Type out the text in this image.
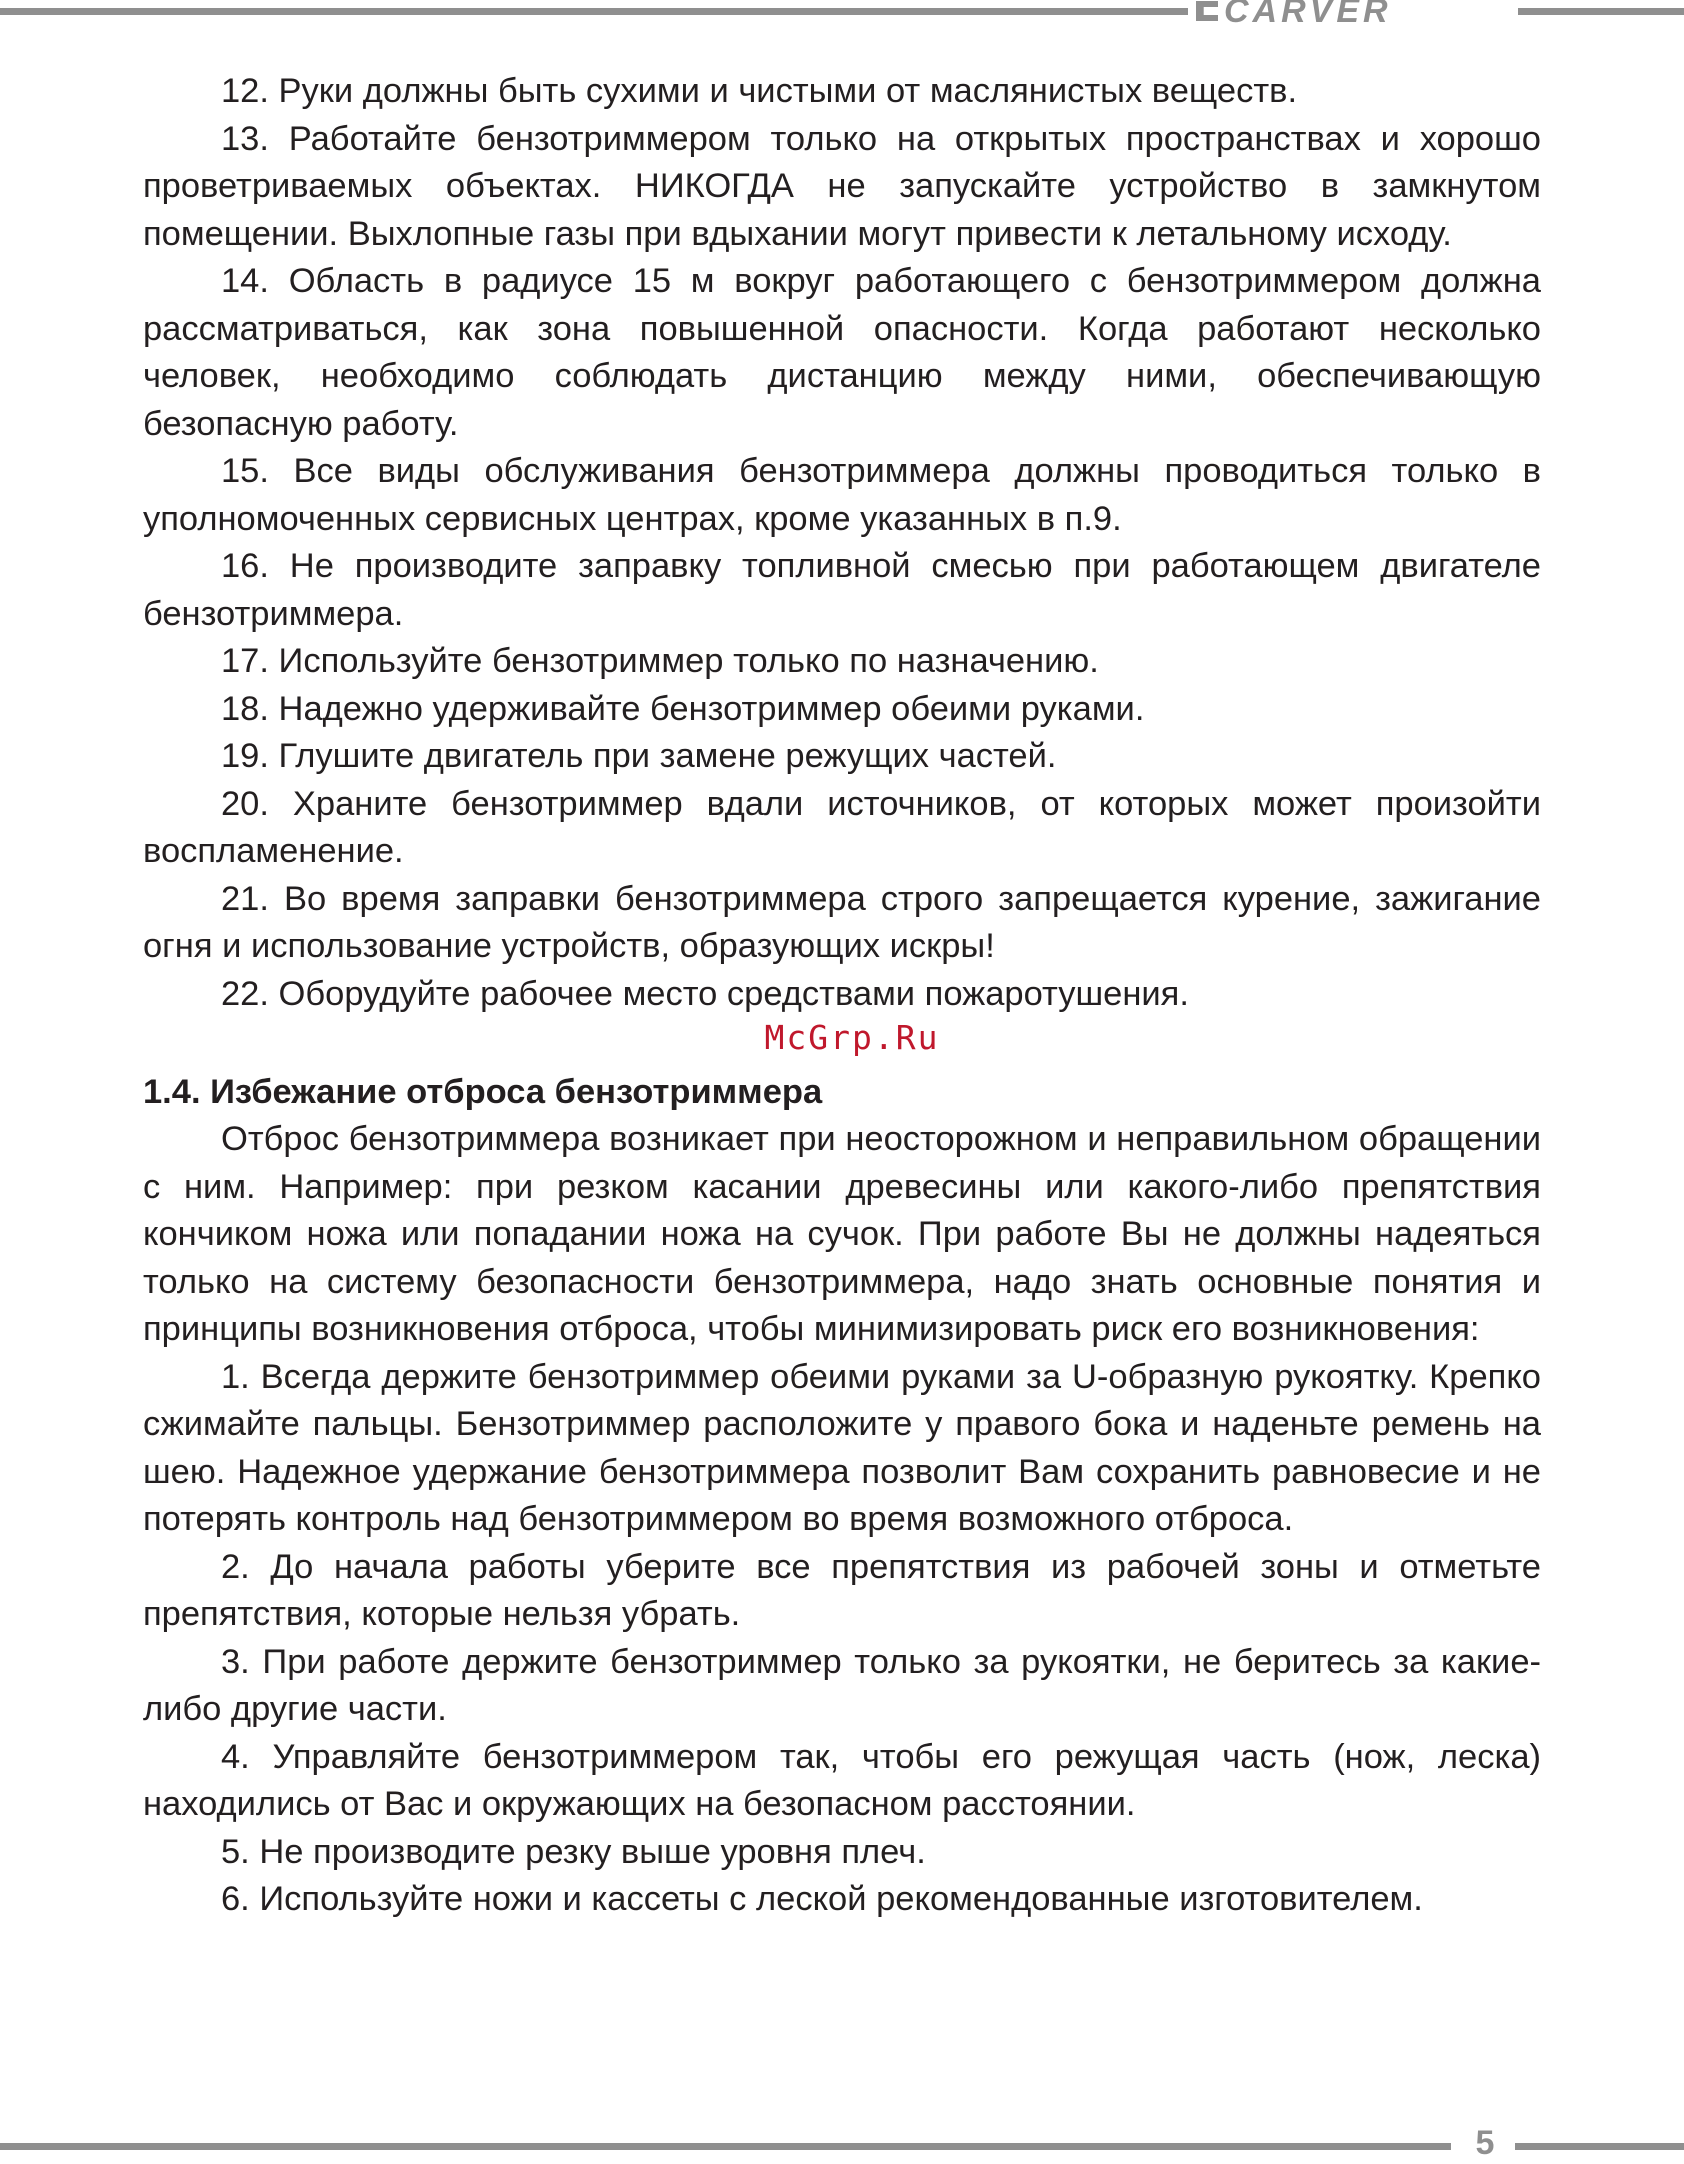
CARVER

12. Руки должны быть сухими и чистыми от маслянистых веществ.

13. Работайте бензотриммером только на открытых пространствах и хорошо проветриваемых объектах. НИКОГДА не запускайте устройство в замкнутом помещении. Выхлопные газы при вдыхании могут привести к летальному исходу.

14. Область в радиусе 15 м вокруг работающего с бензотриммером должна рассматриваться, как зона повышенной опасности. Когда работают несколько человек, необходимо соблюдать дистанцию между ними, обеспечивающую безопасную работу.

15. Все виды обслуживания бензотриммера должны проводиться только в уполномоченных сервисных центрах, кроме указанных в п.9.

16. Не производите заправку топливной смесью при работающем двигателе бензотриммера.

17. Используйте бензотриммер только по назначению.

18. Надежно удерживайте бензотриммер обеими руками.

19. Глушите двигатель при замене режущих частей.

20. Храните бензотриммер вдали источников, от которых может произойти воспламенение.

21. Во время заправки бензотриммера строго запрещается курение, зажигание огня и использование устройств, образующих искры!

22. Оборудуйте рабочее место средствами пожаротушения.

McGrp.Ru
1.4. Избежание отброса бензотриммера

Отброс бензотриммера возникает при неосторожном и неправильном обращении с ним. Например: при резком касании древесины или какого-либо препятствия кончиком ножа или попадании ножа на сучок. При работе Вы не должны надеяться только на систему безопасности бензотриммера, надо знать основные понятия и принципы возникновения отброса, чтобы минимизировать риск его возникновения:

1. Всегда держите бензотриммер обеими руками за U-образную рукоятку. Крепко сжимайте пальцы. Бензотриммер расположите у правого бока и наденьте ремень на шею. Надежное удержание бензотриммера позволит Вам сохранить равновесие и не потерять контроль над бензотриммером во время возможного отброса.

2. До начала работы уберите все препятствия из рабочей зоны и отметьте препятствия, которые нельзя убрать.

3. При работе держите бензотриммер только за рукоятки, не беритесь за какие-либо другие части.

4. Управляйте бензотриммером так, чтобы его режущая часть (нож, леска) находились от Вас и окружающих на безопасном расстоянии.

5. Не производите резку выше уровня плеч.

6. Используйте ножи и кассеты с леской рекомендованные изготовителем.

5
